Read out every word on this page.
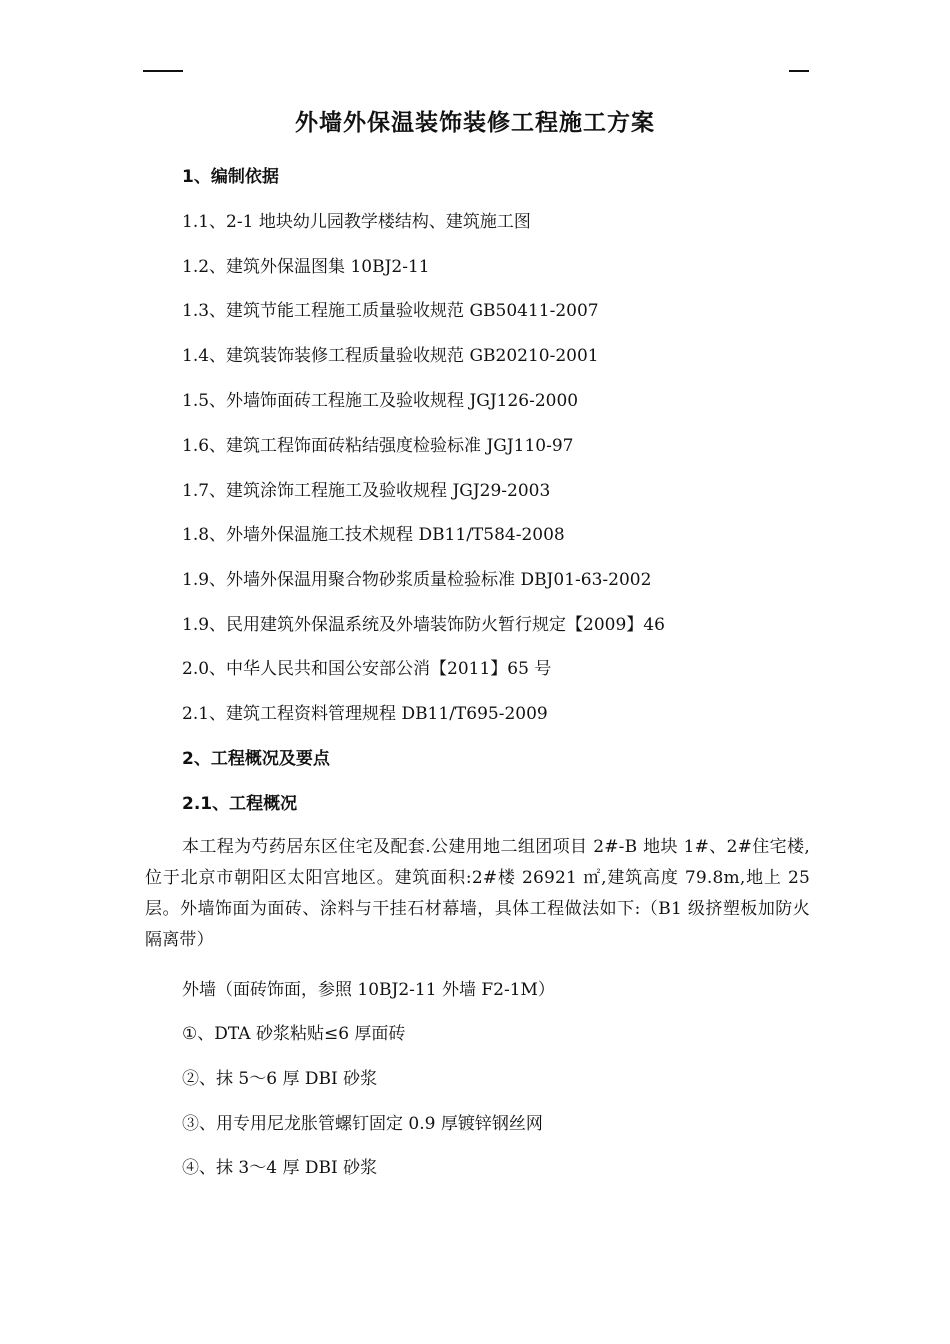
外墙外保温装饰装修工程施工方案
1、编制依据
1.1、2-1 地块幼儿园教学楼结构、建筑施工图
1.2、建筑外保温图集 10BJ2-11
1.3、建筑节能工程施工质量验收规范 GB50411-2007
1.4、建筑装饰装修工程质量验收规范 GB20210-2001
1.5、外墙饰面砖工程施工及验收规程 JGJ126-2000
1.6、建筑工程饰面砖粘结强度检验标准 JGJ110-97
1.7、建筑涂饰工程施工及验收规程 JGJ29-2003
1.8、外墙外保温施工技术规程 DB11/T584-2008
1.9、外墙外保温用聚合物砂浆质量检验标准 DBJ01-63-2002
1.9、民用建筑外保温系统及外墙装饰防火暂行规定【2009】46
2.0、中华人民共和国公安部公消【2011】65 号
2.1、建筑工程资料管理规程 DB11/T695-2009
2、工程概况及要点
2.1、工程概况
本工程为芍药居东区住宅及配套.公建用地二组团项目 2#-B 地块 1#、2#住宅楼,位于北京市朝阳区太阳宫地区。建筑面积:2#楼 26921 ㎡,建筑高度 79.8m,地上 25 层。外墙饰面为面砖、涂料与干挂石材幕墙，具体工程做法如下:（B1 级挤塑板加防火隔离带）
外墙（面砖饰面，参照 10BJ2-11 外墙 F2-1M）
①、DTA 砂浆粘贴≤6 厚面砖
②、抹 5～6 厚 DBI 砂浆
③、用专用尼龙胀管螺钉固定 0.9 厚镀锌钢丝网
④、抹 3～4 厚 DBI 砂浆
